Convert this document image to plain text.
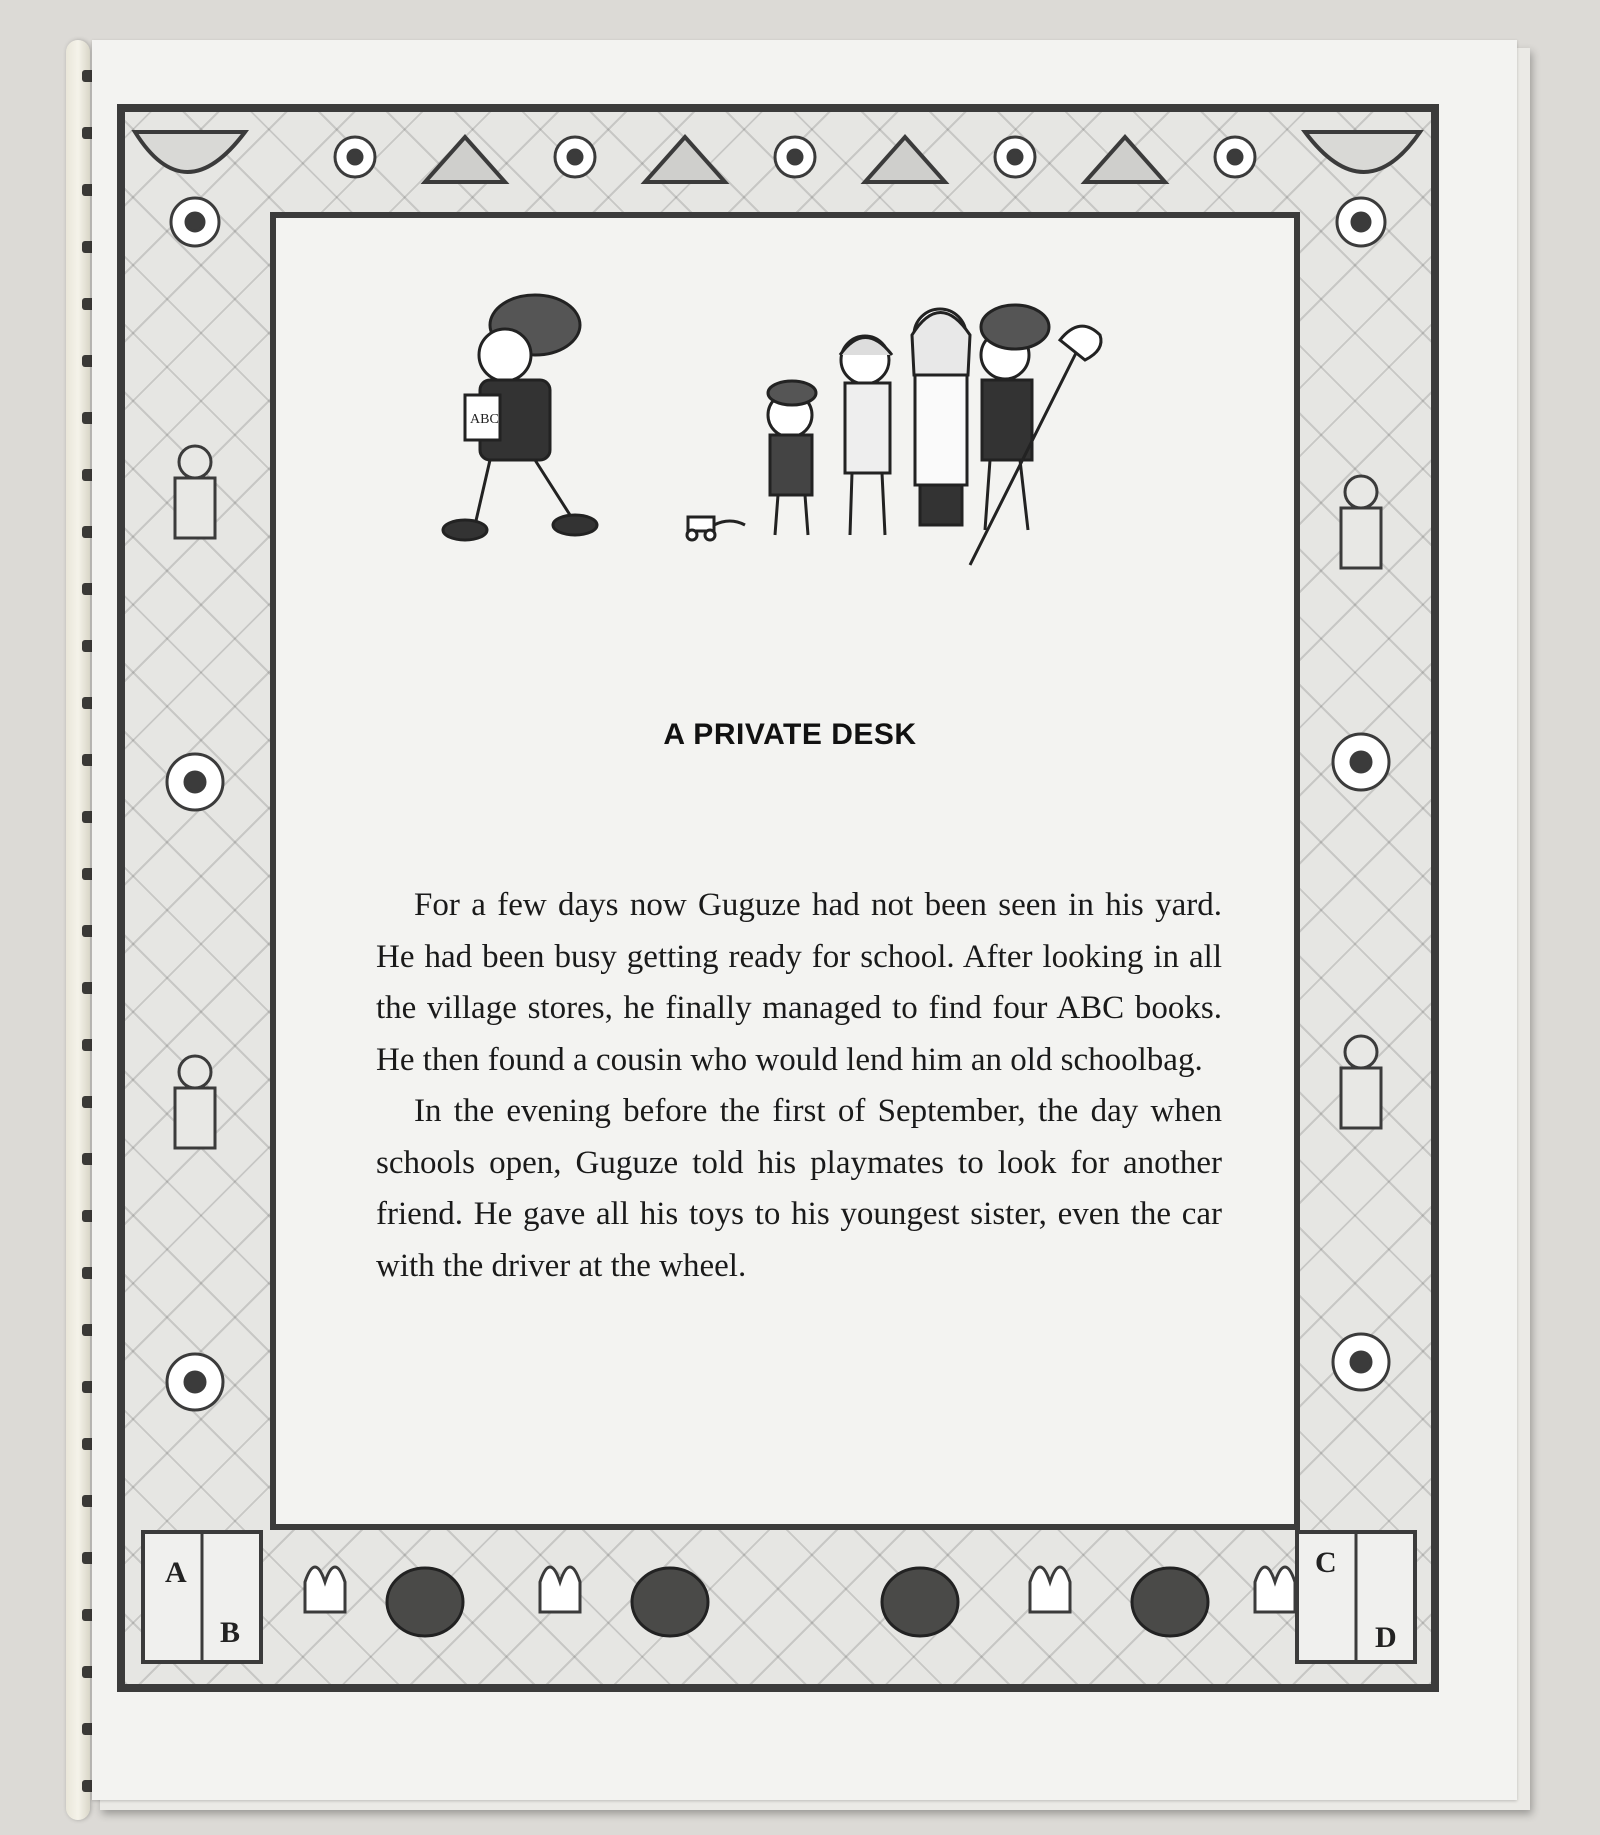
A
B
C
D
ABC
A PRIVATE DESK

For a few days now Guguze had not been seen in his yard. He had been busy getting ready for school. After looking in all the village stores, he finally managed to find four ABC books. He then found a cousin who would lend him an old schoolbag.

In the evening before the first of September, the day when schools open, Guguze told his playmates to look for another friend. He gave all his toys to his youngest sister, even the car with the driver at the wheel.
